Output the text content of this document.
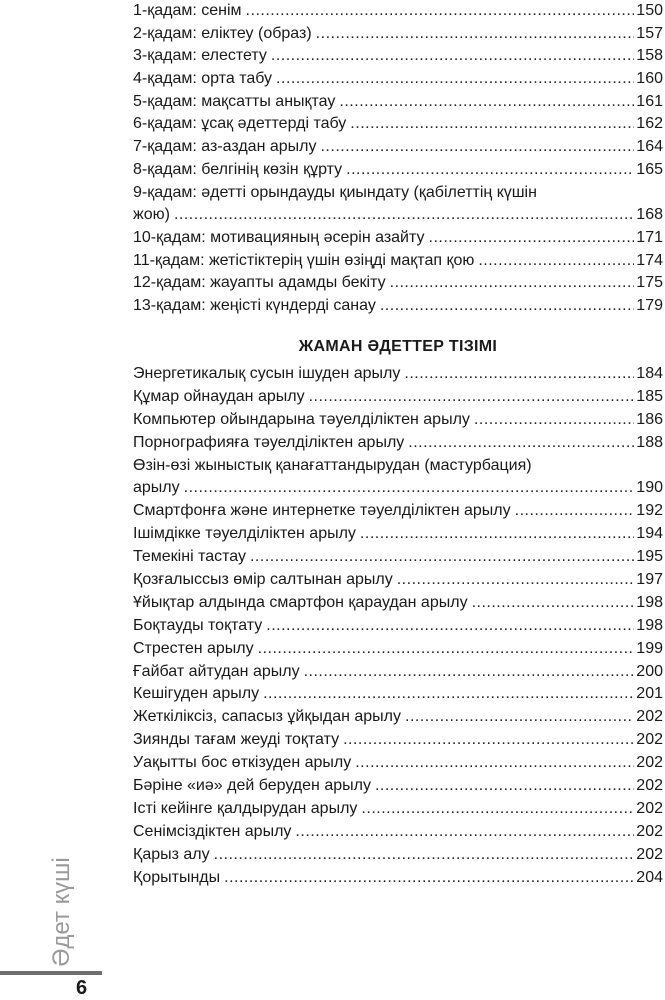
1-қадам: сенім .....	150
2-қадам: еліктеу (образ) .....	157
3-қадам: елестету .....	158
4-қадам: орта табу .....	160
5-қадам: мақсатты анықтау .....	161
6-қадам: ұсақ әдеттерді табу .....	162
7-қадам: аз-аздан арылу .....	164
8-қадам: белгінің көзін құрту .....	165
9-қадам: әдетті орындауды қиындату (қабілеттің күшін
жою) .....	168
10-қадам: мотивацияның әсерін азайту .....	171
11-қадам: жетістіктерің үшін өзіңді мақтап қою .....	174
12-қадам: жауапты адамды бекіту .....	175
13-қадам: жеңісті күндерді санау .....	179
ЖАМАН ӘДЕТТЕР ТІЗІМІ
Энергетикалық сусын ішуден арылу .....	184
Құмар ойнаудан арылу .....	185
Компьютер ойындарына тәуелділіктен арылу .....	186
Порнографияға тәуелділіктен арылу .....	188
Өзін-өзі жыныстық қанағаттандырудан (мастурбация)
арылу .....	190
Смартфонға және интернетке тәуелділіктен арылу .....	192
Ішімдікке тәуелділіктен арылу .....	194
Темекіні тастау .....	195
Қозғалыссыз өмір салтынан арылу .....	197
Ұйықтар алдында смартфон қараудан арылу .....	198
Боқтауды тоқтату .....	198
Стрестен арылу .....	199
Ғайбат айтудан арылу .....	200
Кешігуден арылу .....	201
Жеткіліксіз, сапасыз ұйқыдан арылу .....	202
Зиянды тағам жеуді тоқтату .....	202
Уақытты бос өткізуден арылу .....	202
Бәріне «иә» дей беруден арылу .....	202
Істі кейінге қалдырудан арылу .....	202
Сенімсіздіктен арылу .....	202
Қарыз алу .....	202
Қорытынды .....	204
Әдет күші
6
